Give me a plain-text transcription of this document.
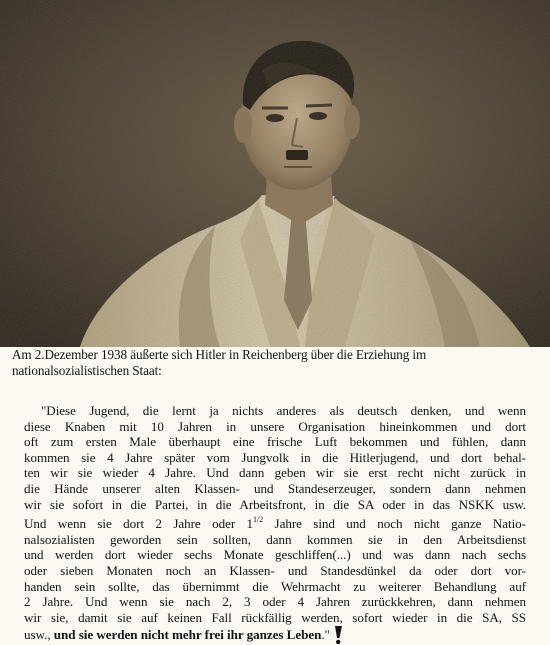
Am 2.Dezember 1938 äußerte sich Hitler in Reichenberg über die Erziehung im
nationalsozialistischen Staat:
"Diese Jugend, die lernt ja nichts anderes als deutsch denken, und wenn
diese Knaben mit 10 Jahren in unsere Organisation hineinkommen und dort
oft zum ersten Male überhaupt eine frische Luft bekommen und fühlen, dann
kommen sie 4 Jahre später vom Jungvolk in die Hitlerjugend, und dort behal-
ten wir sie wieder 4 Jahre. Und dann geben wir sie erst recht nicht zurück in
die Hände unserer alten Klassen- und Standeserzeuger, sondern dann nehmen
wir sie sofort in die Partei, in die Arbeitsfront, in die SA oder in das NSKK usw.
Und wenn sie dort 2 Jahre oder $1^{1/2}$ Jahre sind und noch nicht ganze Natio-
nalsozialisten geworden sein sollten, dann kommen sie in den Arbeitsdienst
und werden dort wieder sechs Monate geschliffen(...) und was dann nach sechs
oder sieben Monaten noch an Klassen- und Standesdünkel da oder dort vor-
handen sein sollte, das übernimmt die Wehrmacht zu weiterer Behandlung auf
2 Jahre. Und wenn sie nach 2, 3 oder 4 Jahren zurückkehren, dann nehmen
wir sie, damit sie auf keinen Fall rückfällig werden, sofort wieder in die SA, SS
usw., und sie werden nicht mehr frei ihr ganzes Leben."
